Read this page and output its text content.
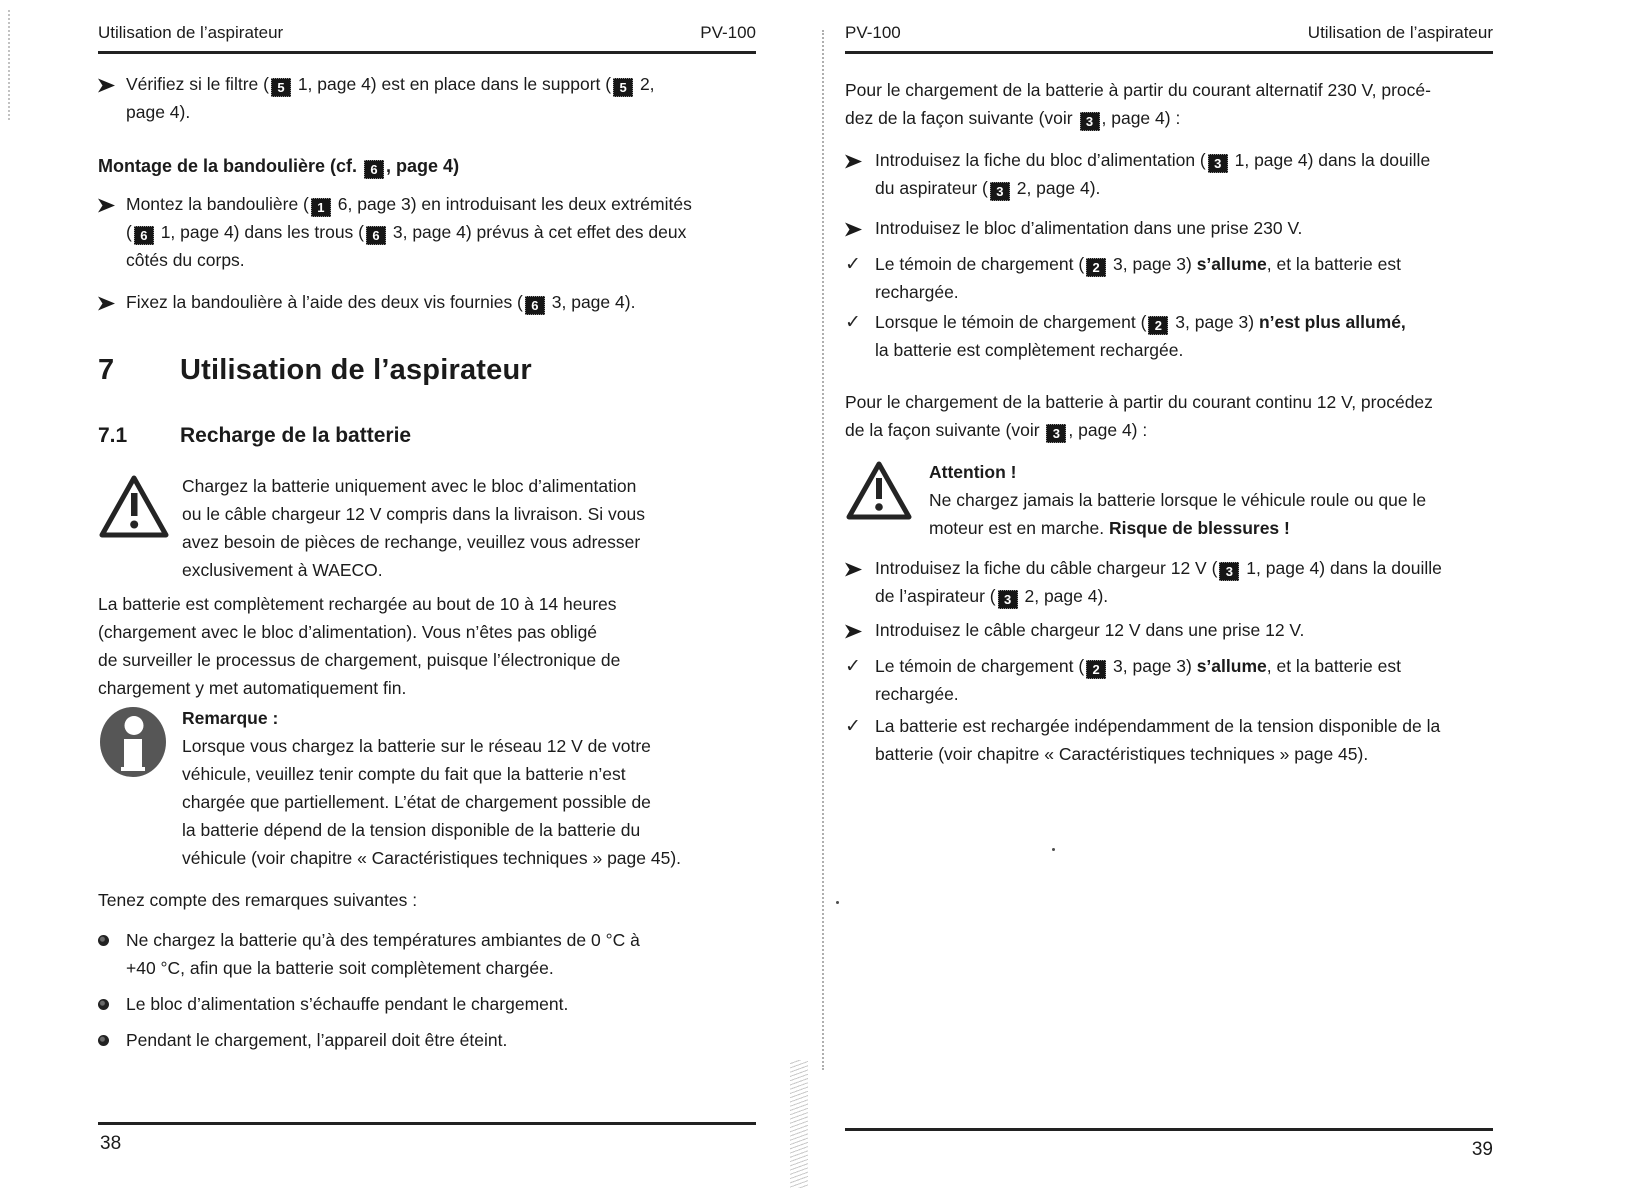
Utilisation de l’aspirateur	PV-100

Vérifiez si le filtre ( 5 1, page 4) est en place dans le support ( 5 2,
page 4).

Montage de la bandoulière (cf. 6 , page 4)

Montez la bandoulière ( 1 6, page 3) en introduisant les deux extrémités
( 6 1, page 4) dans les trous ( 6 3, page 4) prévus à cet effet des deux
côtés du corps.

Fixez la bandoulière à l’aide des deux vis fournies ( 6 3, page 4).

7	Utilisation de l’aspirateur
7.1	Recharge de la batterie

Chargez la batterie uniquement avec le bloc d’alimentation
ou le câble chargeur 12 V compris dans la livraison. Si vous
avez besoin de pièces de rechange, veuillez vous adresser
exclusivement à WAECO.

La batterie est complètement rechargée au bout de 10 à 14 heures
(chargement avec le bloc d’alimentation). Vous n’êtes pas obligé
de surveiller le processus de chargement, puisque l’électronique de
chargement y met automatiquement fin.

Remarque :

Lorsque vous chargez la batterie sur le réseau 12 V de votre
véhicule, veuillez tenir compte du fait que la batterie n’est
chargée que partiellement. L’état de chargement possible de
la batterie dépend de la tension disponible de la batterie du
véhicule (voir chapitre « Caractéristiques techniques » page 45).

Tenez compte des remarques suivantes :

Ne chargez la batterie qu’à des températures ambiantes de 0 °C à
+40 °C, afin que la batterie soit complètement chargée.

Le bloc d’alimentation s’échauffe pendant le chargement.

Pendant le chargement, l’appareil doit être éteint.

PV-100	Utilisation de l’aspirateur

Pour le chargement de la batterie à partir du courant alternatif 230 V, procé-
dez de la façon suivante (voir 3 , page 4) :

Introduisez la fiche du bloc d’alimentation ( 3 1, page 4) dans la douille
du aspirateur ( 3 2, page 4).

Introduisez le bloc d’alimentation dans une prise 230 V.

✓ Le témoin de chargement ( 2 3, page 3) s’allume, et la batterie est
rechargée.

✓ Lorsque le témoin de chargement ( 2 3, page 3) n’est plus allumé,
la batterie est complètement rechargée.

Pour le chargement de la batterie à partir du courant continu 12 V, procédez
de la façon suivante (voir 3 , page 4) :

Attention !

Ne chargez jamais la batterie lorsque le véhicule roule ou que le
moteur est en marche. Risque de blessures !

Introduisez la fiche du câble chargeur 12 V ( 3 1, page 4) dans la douille
de l’aspirateur ( 3 2, page 4).

Introduisez le câble chargeur 12 V dans une prise 12 V.

✓ Le témoin de chargement ( 2 3, page 3) s’allume, et la batterie est
rechargée.

✓ La batterie est rechargée indépendamment de la tension disponible de la
batterie (voir chapitre « Caractéristiques techniques » page 45).

38	39
